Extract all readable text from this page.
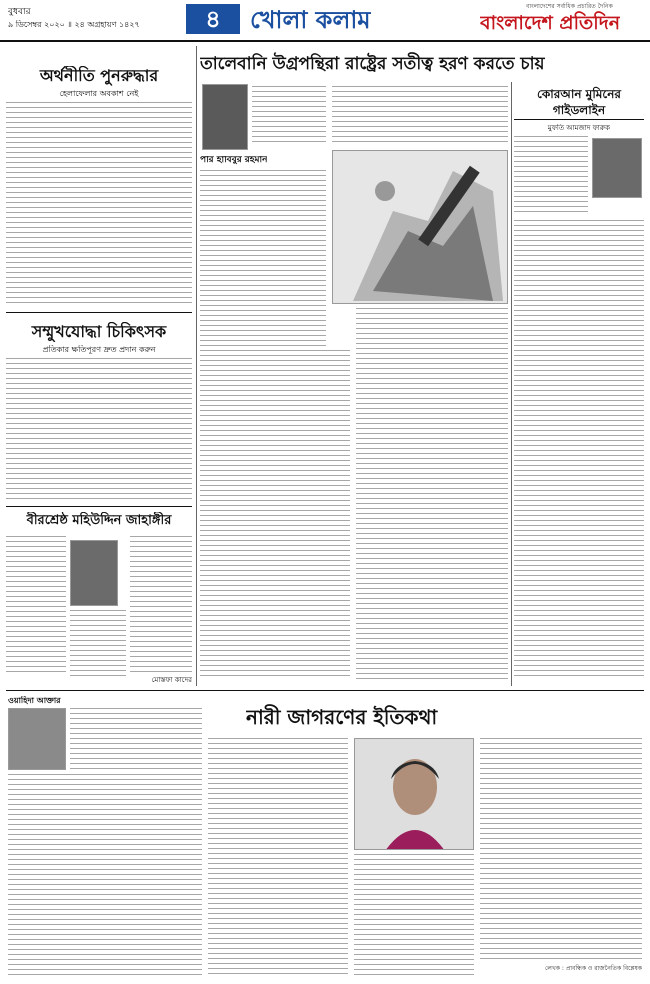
বুধবার
৯ ডিসেম্বর ২০২০ ॥ ২৪ অগ্রহায়ণ ১৪২৭	৪	খোলা কলাম	বাংলাদেশের সর্বাধিক প্রচারিত দৈনিক
বাংলাদেশ প্রতিদিন
অর্থনীতি পুনরুদ্ধার
হেলাফেলার অবকাশ নেই
সম্মুখযোদ্ধা চিকিৎসক
প্রতিকার ক্ষতিপূরণ দ্রুত প্রদান করুন
বীরশ্রেষ্ঠ মহিউদ্দিন জাহাঙ্গীর
মোস্তফা কাদের
তালেবানি উগ্রপন্থিরা রাষ্ট্রের সতীত্ব হরণ করতে চায়
পীর হাবিবুর রহমান
কোরআন মুমিনের
গাইডলাইন
মুফতি আমজাদ ফারুক
ওয়াহিদা আক্তার
নারী জাগরণের ইতিকথা
লেখক : প্রাবন্ধিক ও রাজনৈতিক বিশ্লেষক
